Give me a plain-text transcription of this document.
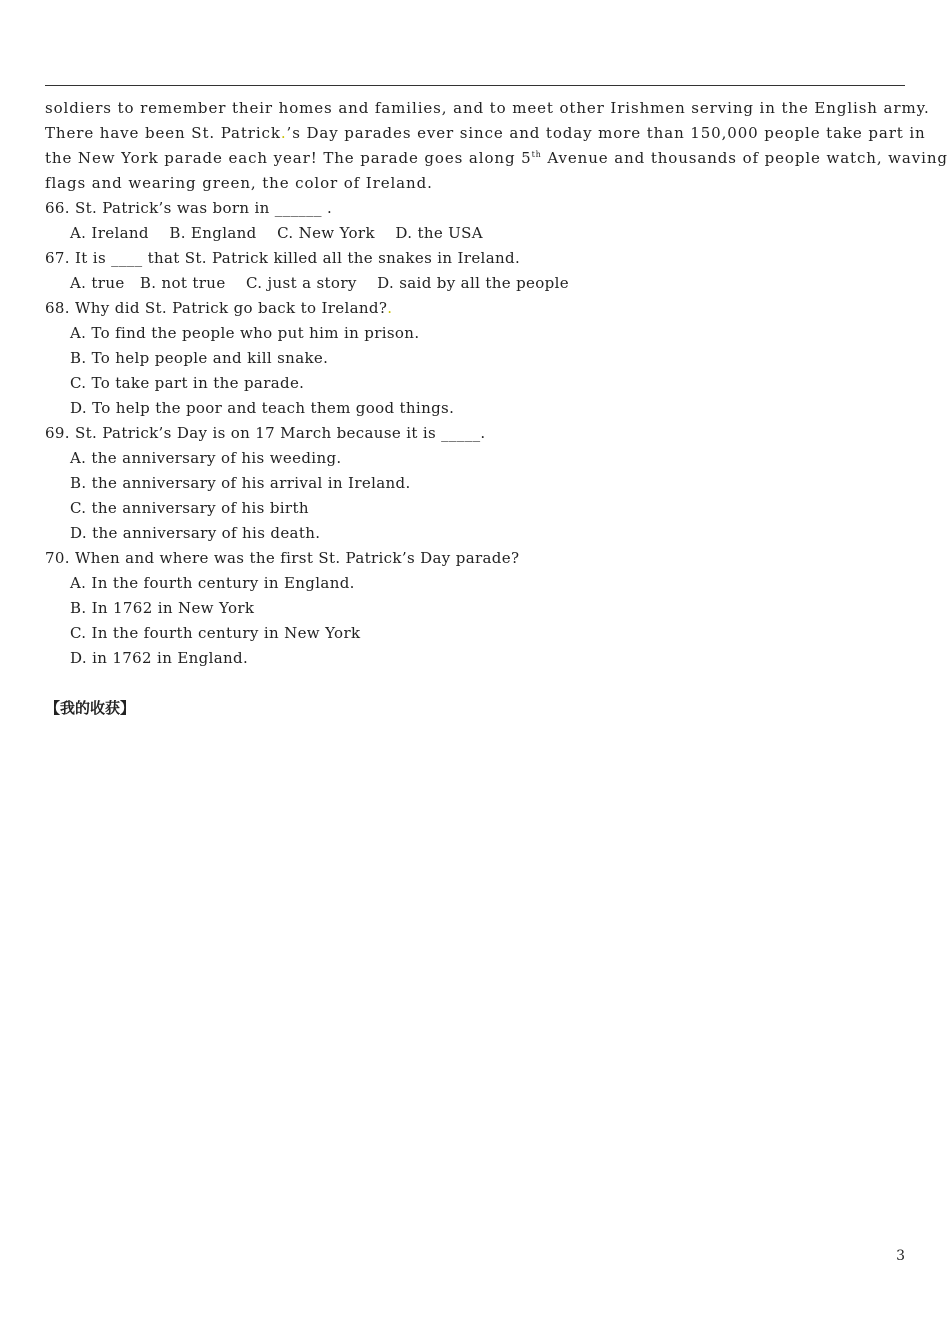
soldiers to remember their homes and families, and to meet other Irishmen serving in the English army.
There have been St. Patrick.’s Day parades ever since and today more than 150,000 people take part in
the New York parade each year! The parade goes along 5th Avenue and thousands of people watch, waving
flags and wearing green, the color of Ireland.
66. St. Patrick’s was born in ______ .
A. Ireland    B. England    C. New York    D. the USA
67. It is ____ that St. Patrick killed all the snakes in Ireland.
A. true   B. not true    C. just a story    D. said by all the people
68. Why did St. Patrick go back to Ireland?.
A. To find the people who put him in prison.
B. To help people and kill snake.
C. To take part in the parade.
D. To help the poor and teach them good things.
69. St. Patrick’s Day is on 17 March because it is _____.
A. the anniversary of his weeding.
B. the anniversary of his arrival in Ireland.
C. the anniversary of his birth
D. the anniversary of his death.
70. When and where was the first St. Patrick’s Day parade?
A. In the fourth century in England.
B. In 1762 in New York
C. In the fourth century in New York
D. in 1762 in England.
【我的收获】
3
